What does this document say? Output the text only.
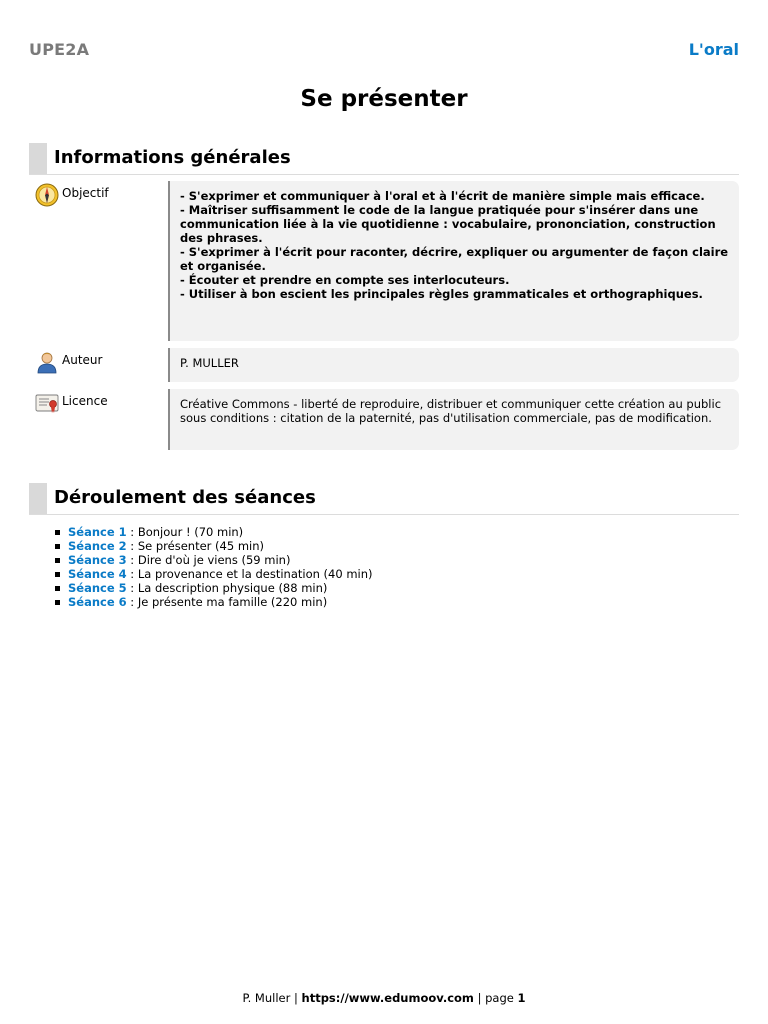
UPE2A	L'oral
Se présenter
Informations générales
Objectif	- S'exprimer et communiquer à l'oral et à l'écrit de manière simple mais efficace.
- Maîtriser suffisamment le code de la langue pratiquée pour s'insérer dans une communication liée à la vie quotidienne : vocabulaire, prononciation, construction des phrases.
- S'exprimer à l'écrit pour raconter, décrire, expliquer ou argumenter de façon claire et organisée.
- Écouter et prendre en compte ses interlocuteurs.
- Utiliser à bon escient les principales règles grammaticales et orthographiques.
Auteur	P. MULLER
Licence	Créative Commons - liberté de reproduire, distribuer et communiquer cette création au public sous conditions : citation de la paternité, pas d'utilisation commerciale, pas de modification.
Déroulement des séances
Séance 1 : Bonjour ! (70 min)
Séance 2 : Se présenter (45 min)
Séance 3 : Dire d'où je viens (59 min)
Séance 4 : La provenance et la destination (40 min)
Séance 5 : La description physique (88 min)
Séance 6 : Je présente ma famille (220 min)
P. Muller | https://www.edumoov.com | page 1
